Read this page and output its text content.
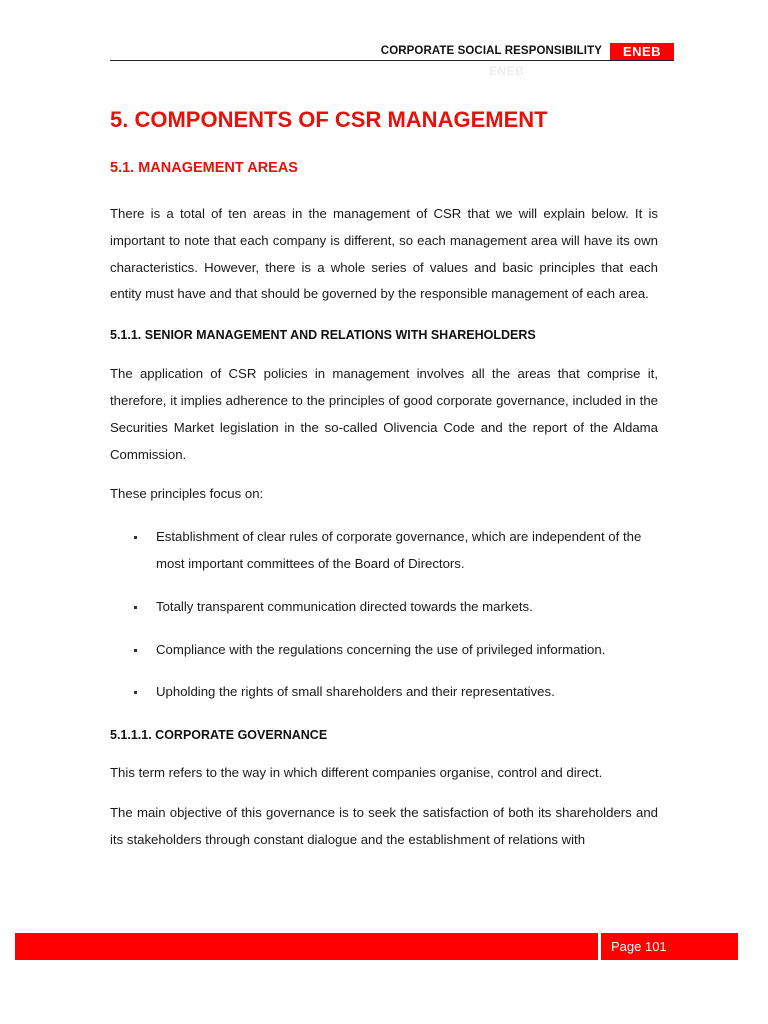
CORPORATE SOCIAL RESPONSIBILITY	ENEB
ENEB
5. COMPONENTS OF CSR MANAGEMENT
5.1. MANAGEMENT AREAS

There is a total of ten areas in the management of CSR that we will explain below. It is important to note that each company is different, so each management area will have its own characteristics. However, there is a whole series of values and basic principles that each entity must have and that should be governed by the responsible management of each area.

5.1.1. SENIOR MANAGEMENT AND RELATIONS WITH SHAREHOLDERS

The application of CSR policies in management involves all the areas that comprise it, therefore, it implies adherence to the principles of good corporate governance, included in the Securities Market legislation in the so-called Olivencia Code and the report of the Aldama Commission.

These principles focus on:

Establishment of clear rules of corporate governance, which are independent of the most important committees of the Board of Directors.
Totally transparent communication directed towards the markets.
Compliance with the regulations concerning the use of privileged information.
Upholding the rights of small shareholders and their representatives.
5.1.1.1. CORPORATE GOVERNANCE

This term refers to the way in which different companies organise, control and direct.

The main objective of this governance is to seek the satisfaction of both its shareholders and its stakeholders through constant dialogue and the establishment of relations with

Page 101
